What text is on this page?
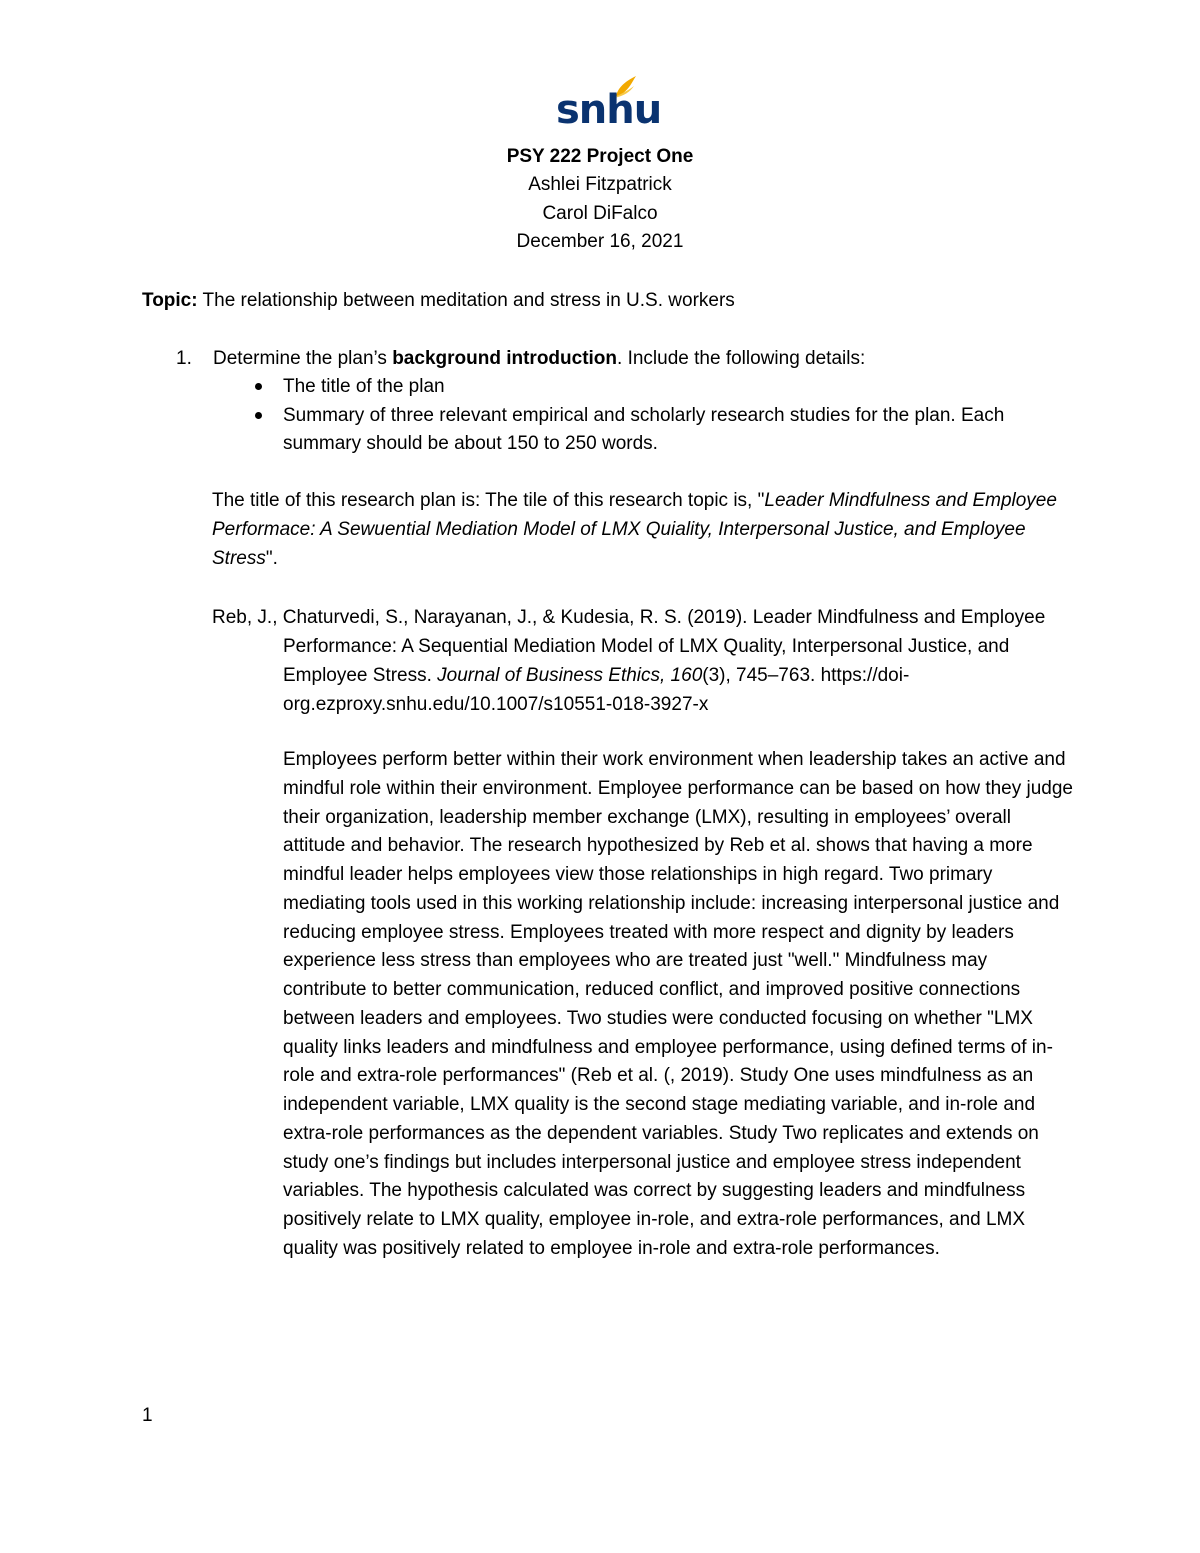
snhu
PSY 222 Project One
Ashlei Fitzpatrick
Carol DiFalco
December 16, 2021
Topic: The relationship between meditation and stress in U.S. workers
1. Determine the plan’s background introduction. Include the following details:
The title of the plan
Summary of three relevant empirical and scholarly research studies for the plan. Each summary should be about 150 to 250 words.
The title of this research plan is: The tile of this research topic is, "Leader Mindfulness and Employee Performace: A Sewuential Mediation Model of LMX Quiality, Interpersonal Justice, and Employee Stress".
Reb, J., Chaturvedi, S., Narayanan, J., & Kudesia, R. S. (2019). Leader Mindfulness and Employee Performance: A Sequential Mediation Model of LMX Quality, Interpersonal Justice, and Employee Stress. Journal of Business Ethics, 160(3), 745–763. https://doi-org.ezproxy.snhu.edu/10.1007/s10551-018-3927-x
Employees perform better within their work environment when leadership takes an active and mindful role within their environment. Employee performance can be based on how they judge their organization, leadership member exchange (LMX), resulting in employees’ overall attitude and behavior. The research hypothesized by Reb et al. shows that having a more mindful leader helps employees view those relationships in high regard. Two primary mediating tools used in this working relationship include: increasing interpersonal justice and reducing employee stress. Employees treated with more respect and dignity by leaders experience less stress than employees who are treated just "well." Mindfulness may contribute to better communication, reduced conflict, and improved positive connections between leaders and employees. Two studies were conducted focusing on whether "LMX quality links leaders and mindfulness and employee performance, using defined terms of in-role and extra-role performances" (Reb et al. (, 2019). Study One uses mindfulness as an independent variable, LMX quality is the second stage mediating variable, and in-role and extra-role performances as the dependent variables. Study Two replicates and extends on study one’s findings but includes interpersonal justice and employee stress independent variables. The hypothesis calculated was correct by suggesting leaders and mindfulness positively relate to LMX quality, employee in-role, and extra-role performances, and LMX quality was positively related to employee in-role and extra-role performances.
1
